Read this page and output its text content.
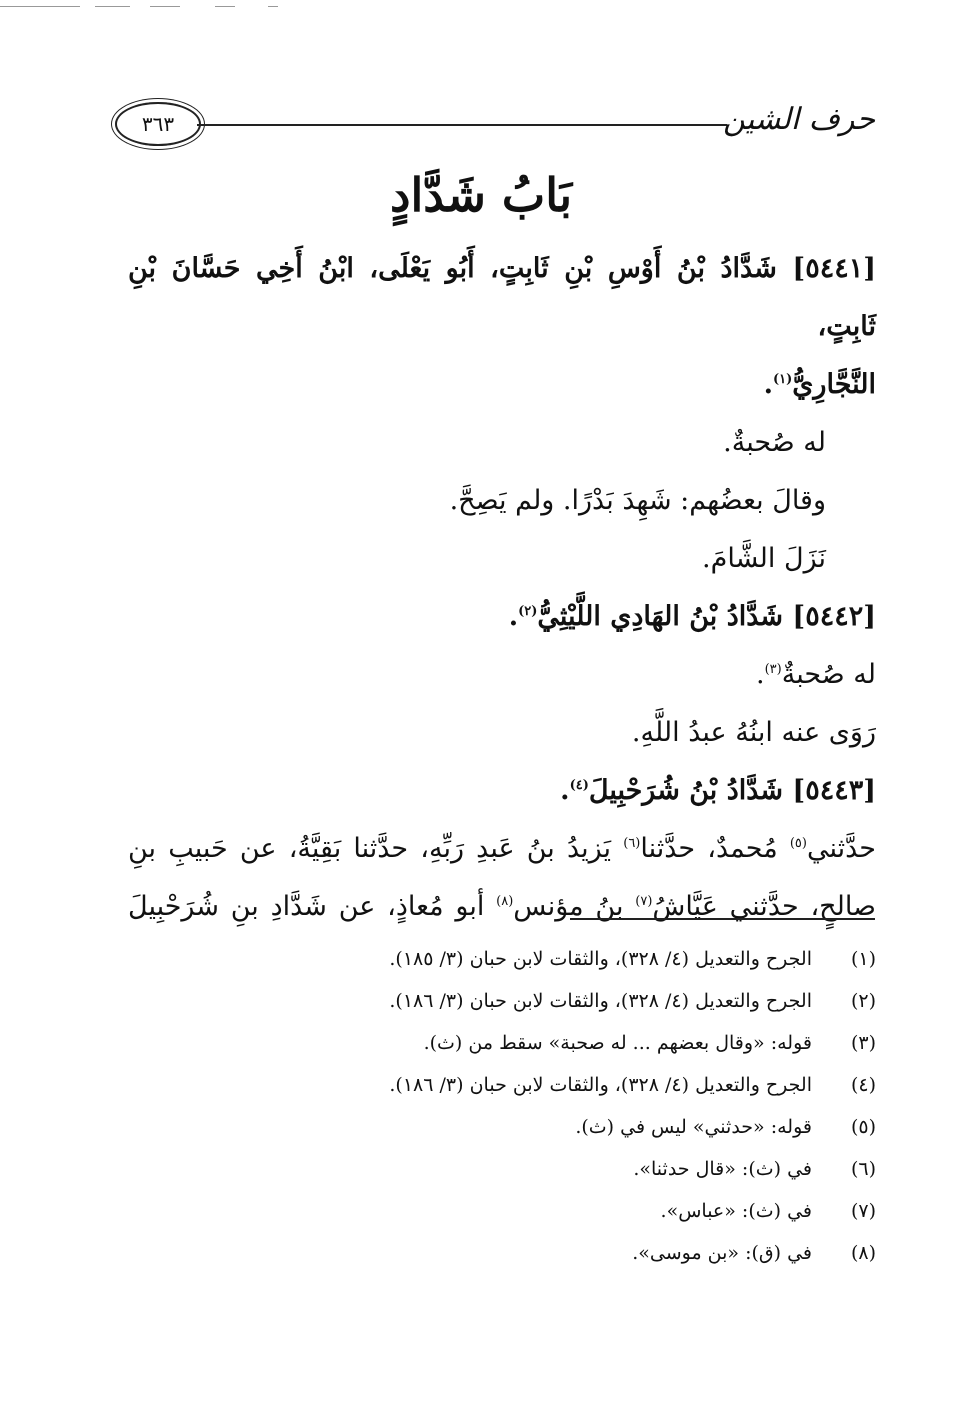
٣٦٣	حرف الشين
بَابُ شَدَّادٍ

[٥٤٤١] شَدَّادُ بْنُ أَوْسِ بْنِ ثَابِتٍ، أَبُو يَعْلَى، ابْنُ أَخِي حَسَّانَ بْنِ ثَابِتٍ،

النَّجَّارِيُّ$^{(١)}$.

له صُحبةٌ.

وقالَ بعضُهم: شَهِدَ بَدْرًا. ولم يَصِحَّ.

نَزَلَ الشَّامَ.

[٥٤٤٢] شَدَّادُ بْنُ الهَادِي اللَّيْثِيُّ$^{(٢)}$.

له صُحبةٌ$^{(٣)}$.

رَوَى عنه ابنُهُ عبدُ اللَّهِ.

[٥٤٤٣] شَدَّادُ بْنُ شُرَحْبِيلَ$^{(٤)}$.

حدَّثني$^{(٥)}$ مُحمدٌ، حدَّثنا$^{(٦)}$ يَزيدُ بنُ عَبدِ رَبِّهِ، حدَّثنا بَقِيَّةُ، عن حَبيبِ بنِ

صالحٍ، حدَّثني عَيَّاشُ$^{(٧)}$ بنُ مؤنس$^{(٨)}$ أبو مُعاذٍ، عن شَدَّادِ بنِ شُرَحْبِيلَ

(١)
الجرح والتعديل (٤/ ٣٢٨)، والثقات لابن حبان (٣/ ١٨٥).
(٢)
الجرح والتعديل (٤/ ٣٢٨)، والثقات لابن حبان (٣/ ١٨٦).
(٣)
قوله: «وقال بعضهم ... له صحبة» سقط من (ث).
(٤)
الجرح والتعديل (٤/ ٣٢٨)، والثقات لابن حبان (٣/ ١٨٦).
(٥)
قوله: «حدثني» ليس في (ث).
(٦)
في (ث): «قال حدثنا».
(٧)
في (ث): «عباس».
(٨)
في (ق): «بن موسى».
